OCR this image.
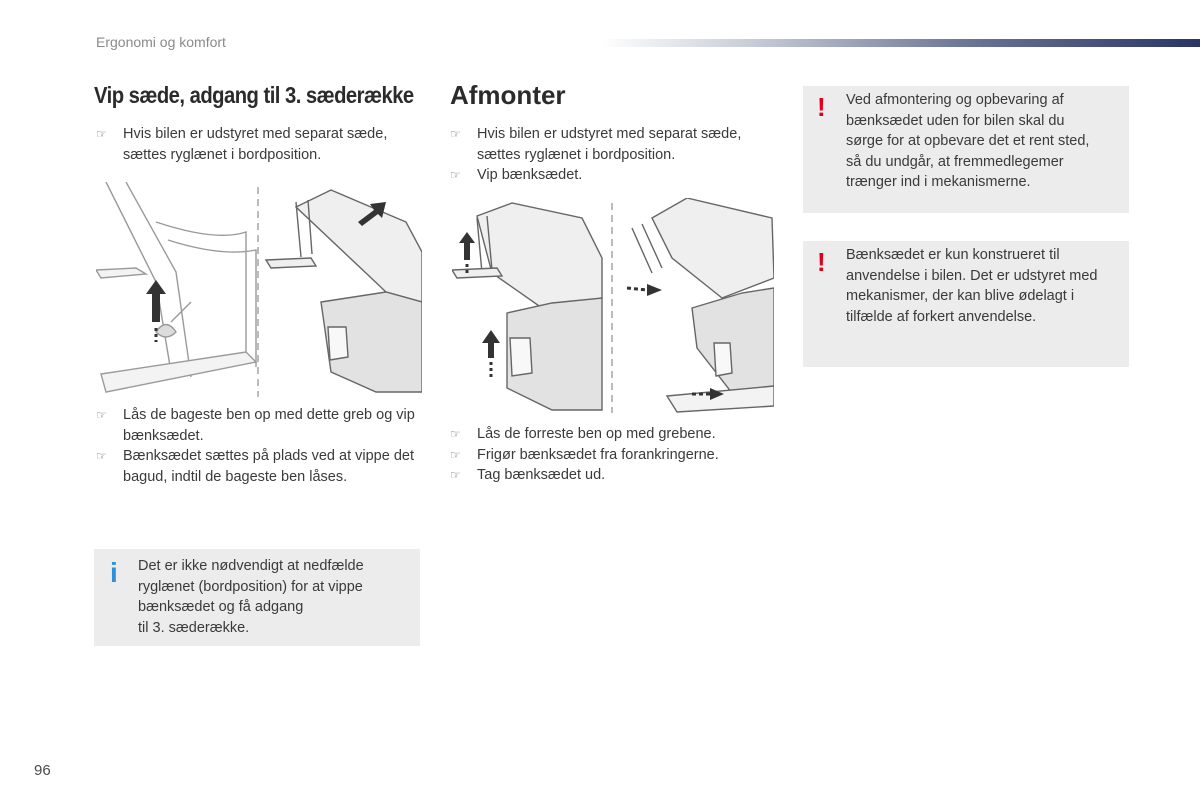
Ergonomi og komfort
Vip sæde, adgang til 3. sæderække
☞ Hvis bilen er udstyret med separat sæde, sættes ryglænet i bordposition.
☞ Lås de bageste ben op med dette greb og vip bænksædet.
☞ Bænksædet sættes på plads ved at vippe det bagud, indtil de bageste ben låses.
i Det er ikke nødvendigt at nedfælde
ryglænet (bordposition) for at vippe
bænksædet og få adgang
til 3. sæderække.
Afmonter
☞ Hvis bilen er udstyret med separat sæde, sættes ryglænet i bordposition.
☞ Vip bænksædet.
☞ Lås de forreste ben op med grebene.
☞ Frigør bænksædet fra forankringerne.
☞ Tag bænksædet ud.
! Ved afmontering og opbevaring af
bænksædet uden for bilen skal du
sørge for at opbevare det et rent sted,
så du undgår, at fremmedlegemer
trænger ind i mekanismerne.
! Bænksædet er kun konstrueret til
anvendelse i bilen. Det er udstyret med
mekanismer, der kan blive ødelagt i
tilfælde af forkert anvendelse.
96
